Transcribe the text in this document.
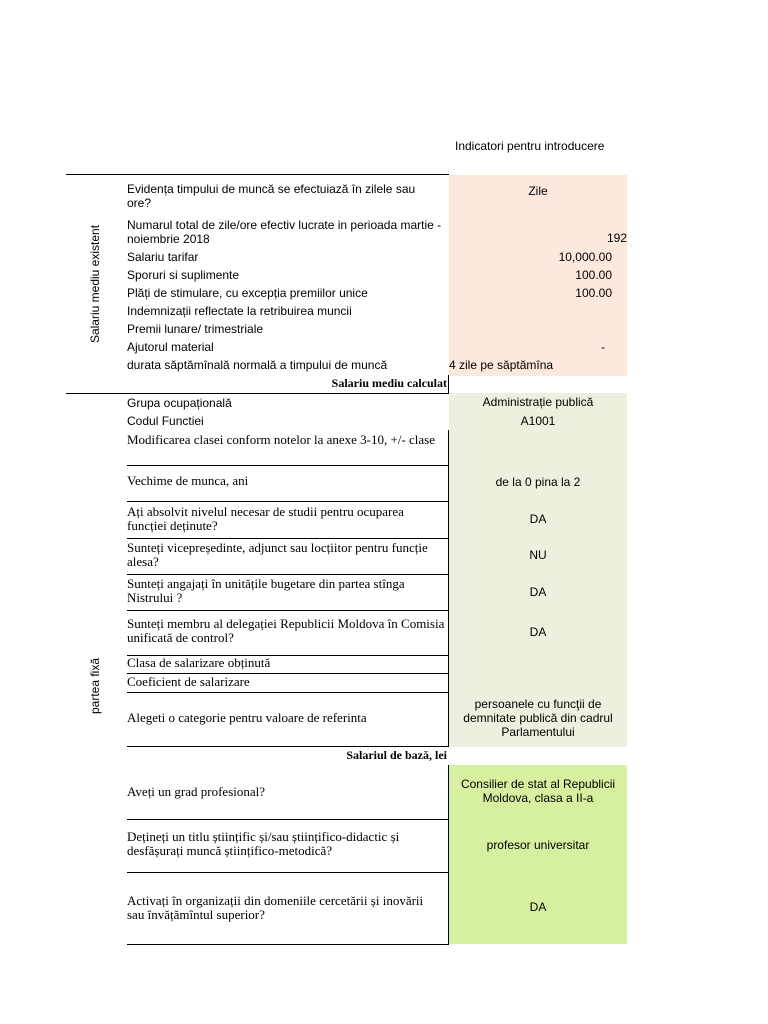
Indicatori pentru introducere
Salariu mediu existent
partea fixă
Evidența timpului de muncă se efectuiază în zilele sau ore?
Numarul total de zile/ore efectiv lucrate in perioada martie - noiembrie 2018
Salariu tarifar
Sporuri si suplimente
Plăți de stimulare, cu excepția premiilor unice
Indemnizații reflectate la retribuirea muncii
Premii lunare/ trimestriale
Ajutorul material
durata săptămînală normală a timpului de muncă
Zile
192
10,000.00
100.00
100.00
-
4 zile pe săptămîna
Salariu mediu calculat
Grupa ocupațională
Codul Functiei
Modificarea clasei conform notelor la anexe 3-10, +/- clase
Vechime de munca, ani
Ați absolvit nivelul necesar de studii pentru ocuparea funcției deținute?
Sunteți vicepreședinte, adjunct sau locțiitor pentru funcție alesa?
Sunteți angajați în unitățile bugetare din partea stînga Nistrului ?
Sunteți membru al delegației Republicii Moldova în Comisia unificată de control?
Clasa de salarizare obținută
Coeficient de salarizare
Alegeti o categorie pentru valoare de referinta
Administrație publică
A1001
de la 0 pina la 2
DA
NU
DA
DA
persoanele cu funcţii de demnitate publică din cadrul Parlamentului
Salariul de bază, lei
Aveți un grad profesional?
Dețineți un titlu științific și/sau științifico-didactic și desfășurați muncă științifico-metodică?
Activați în organizații din domeniile cercetării și inovării sau învățămîntul superior?
Consilier de stat al Republicii Moldova, clasa a II-a
profesor universitar
DA
